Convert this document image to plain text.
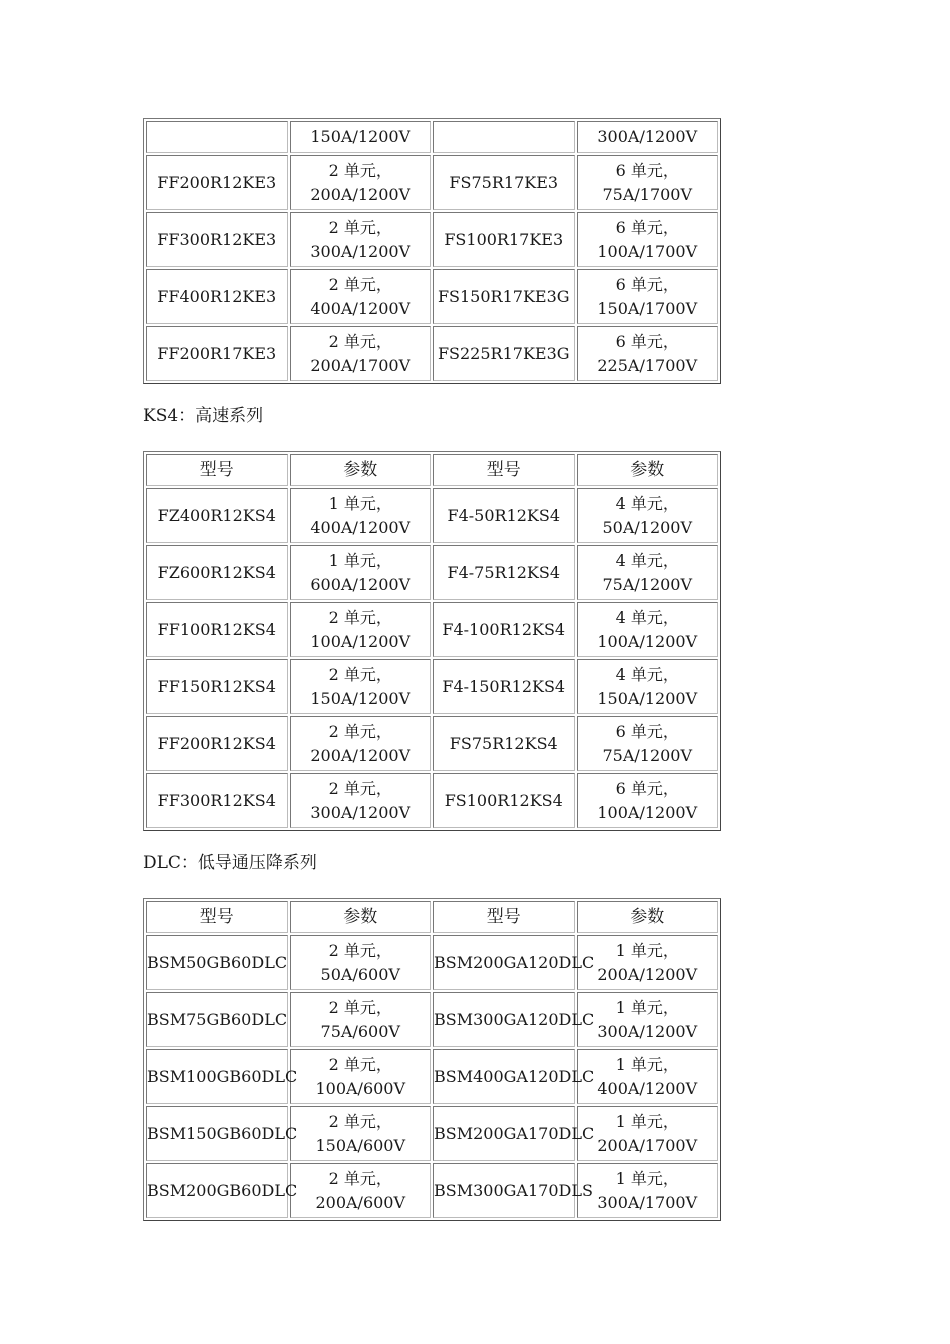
	150A/1200V		300A/1200V
FF200R12KE3	2 单元，
200A/1200V	FS75R17KE3	6 单元，
75A/1700V

FF300R12KE3	2 单元，
300A/1200V	FS100R17KE3	6 单元，
100A/1700V

FF400R12KE3	2 单元，
400A/1200V	FS150R17KE3G	6 单元，
150A/1700V

FF200R17KE3	2 单元，
200A/1700V	FS225R17KE3G	6 单元，
225A/1700V
KS4：高速系列
型号	参数	型号	参数
FZ400R12KS4	1 单元，
400A/1200V	F4-50R12KS4	4 单元，
50A/1200V

FZ600R12KS4	1 单元，
600A/1200V	F4-75R12KS4	4 单元，
75A/1200V

FF100R12KS4	2 单元，
100A/1200V	F4-100R12KS4	4 单元，
100A/1200V

FF150R12KS4	2 单元，
150A/1200V	F4-150R12KS4	4 单元，
150A/1200V

FF200R12KS4	2 单元，
200A/1200V	FS75R12KS4	6 单元，
75A/1200V

FF300R12KS4	2 单元，
300A/1200V	FS100R12KS4	6 单元，
100A/1200V
DLC：低导通压降系列
型号	参数	型号	参数
BSM50GB60DLC	2 单元，
50A/600V	BSM200GA120DLC	1 单元，
200A/1200V

BSM75GB60DLC	2 单元，
75A/600V	BSM300GA120DLC	1 单元，
300A/1200V

BSM100GB60DLC	2 单元，
100A/600V	BSM400GA120DLC	1 单元，
400A/1200V

BSM150GB60DLC	2 单元，
150A/600V	BSM200GA170DLC	1 单元，
200A/1700V

BSM200GB60DLC	2 单元，
200A/600V	BSM300GA170DLS	1 单元，
300A/1700V
